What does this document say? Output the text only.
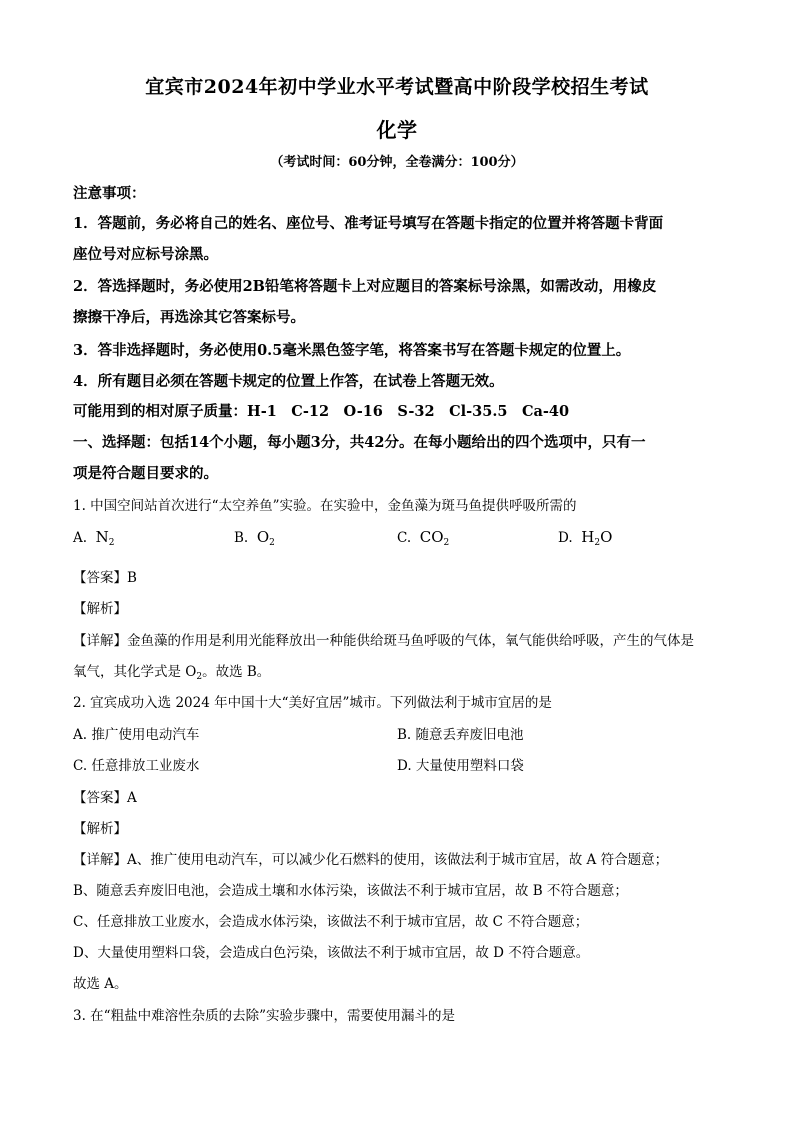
宜宾市2024年初中学业水平考试暨高中阶段学校招生考试
化学
（考试时间：60分钟，全卷满分：100分）
注意事项：
1．答题前，务必将自己的姓名、座位号、准考证号填写在答题卡指定的位置并将答题卡背面
座位号对应标号涂黑。
2．答选择题时，务必使用2B铅笔将答题卡上对应题目的答案标号涂黑，如需改动，用橡皮
擦擦干净后，再选涂其它答案标号。
3．答非选择题时，务必使用0.5毫米黑色签字笔，将答案书写在答题卡规定的位置上。
4．所有题目必须在答题卡规定的位置上作答，在试卷上答题无效。
可能用到的相对原子质量：H-1　C-12　O-16　S-32　Cl-35.5　Ca-40
一、选择题：包括14个小题，每小题3分，共42分。在每小题给出的四个选项中，只有一
项是符合题目要求的。
1. 中国空间站首次进行“太空养鱼”实验。在实验中，金鱼藻为斑马鱼提供呼吸所需的
A. $N_2$	B. $O_2$	C. $CO_2$	D. $H_2O$
【答案】B
【解析】
【详解】金鱼藻的作用是利用光能释放出一种能供给斑马鱼呼吸的气体，氧气能供给呼吸，产生的气体是
氧气，其化学式是 $O_2$。故选 B。
2. 宜宾成功入选 2024 年中国十大“美好宜居”城市。下列做法利于城市宜居的是
A. 推广使用电动汽车	B. 随意丢弃废旧电池
C. 任意排放工业废水	D. 大量使用塑料口袋
【答案】A
【解析】
【详解】A、推广使用电动汽车，可以减少化石燃料的使用，该做法利于城市宜居，故 A 符合题意；
B、随意丢弃废旧电池，会造成土壤和水体污染，该做法不利于城市宜居，故 B 不符合题意；
C、任意排放工业废水，会造成水体污染，该做法不利于城市宜居，故 C 不符合题意；
D、大量使用塑料口袋，会造成白色污染，该做法不利于城市宜居，故 D 不符合题意。
故选 A。
3. 在“粗盐中难溶性杂质的去除”实验步骤中，需要使用漏斗的是
